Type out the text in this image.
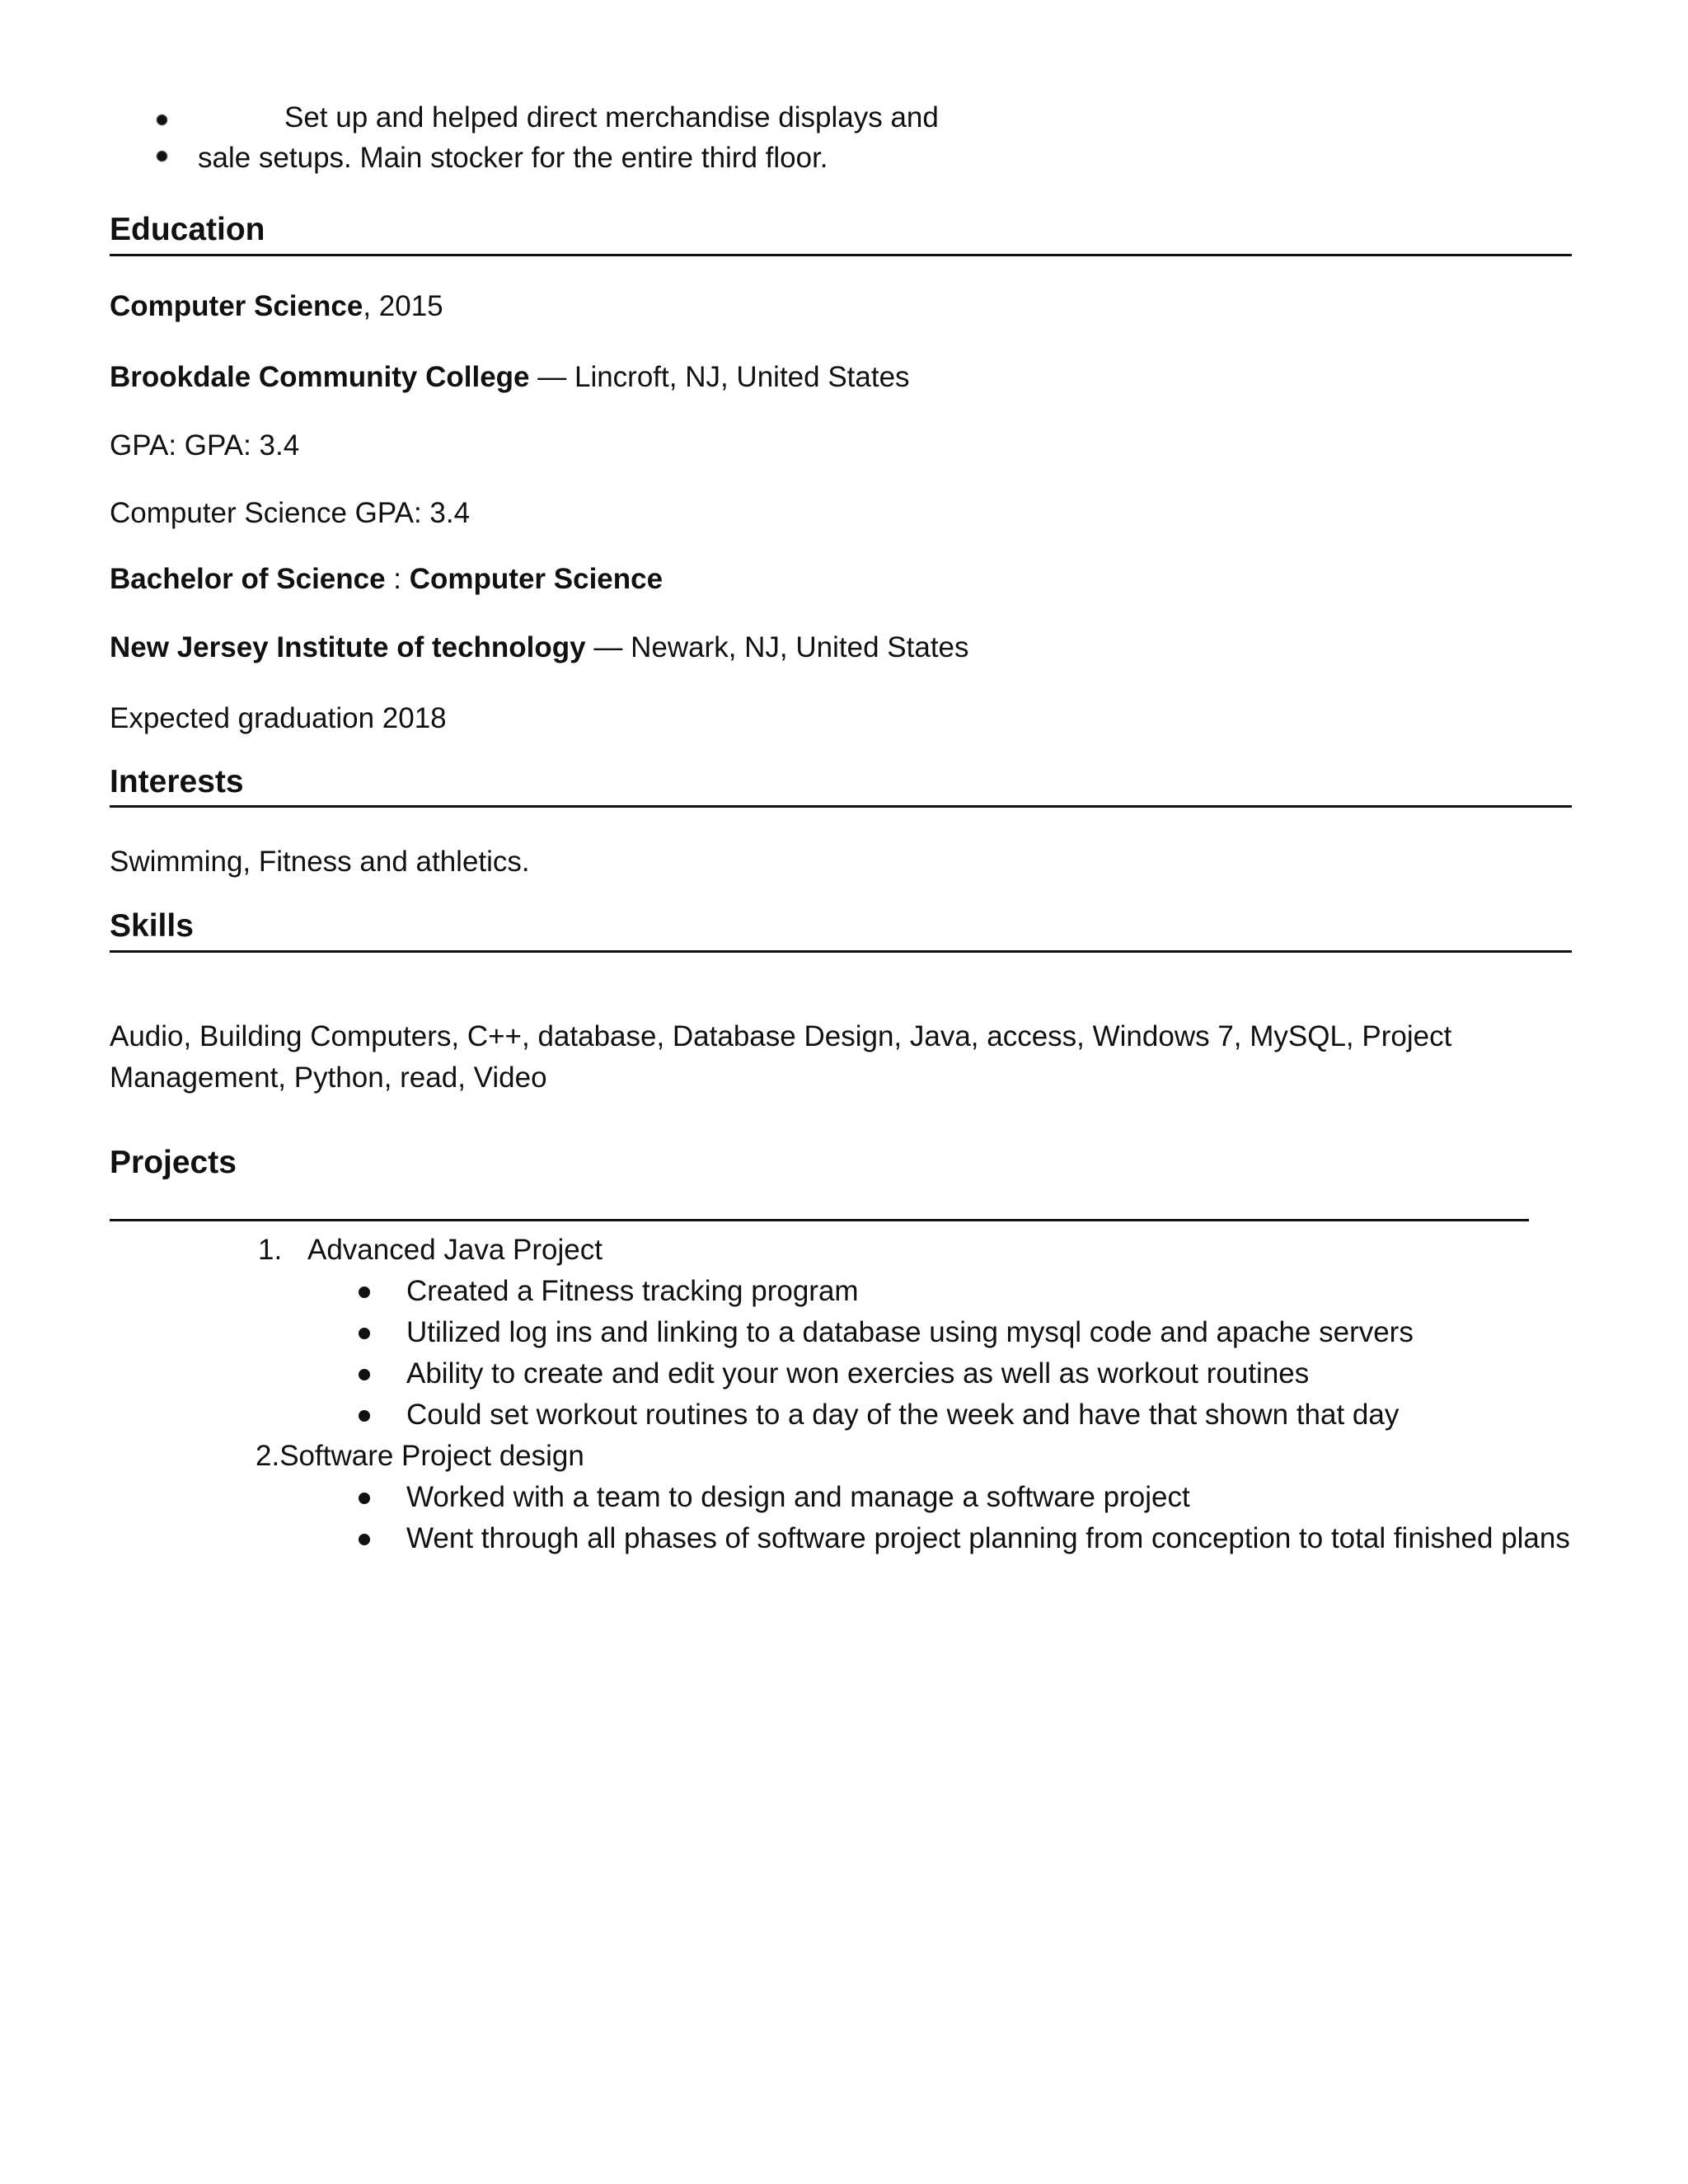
Set up and helped direct merchandise displays and
sale setups. Main stocker for the entire third floor.
Education
Computer Science, 2015
Brookdale Community College — Lincroft, NJ, United States
GPA: GPA: 3.4
Computer Science GPA: 3.4
Bachelor of Science : Computer Science
New Jersey Institute of technology — Newark, NJ, United States
Expected graduation 2018
Interests
Swimming, Fitness and athletics.
Skills
Audio, Building Computers, C++, database, Database Design, Java, access, Windows 7, MySQL, Project
Management, Python, read, Video
Projects
1. Advanced Java Project
Created a Fitness tracking program
Utilized log ins and linking to a database using mysql code and apache servers
Ability to create and edit your won exercies as well as workout routines
Could set workout routines to a day of the week and have that shown that day
2.Software Project design
Worked with a team to design and manage a software project
Went through all phases of software project planning from conception to total finished plans
